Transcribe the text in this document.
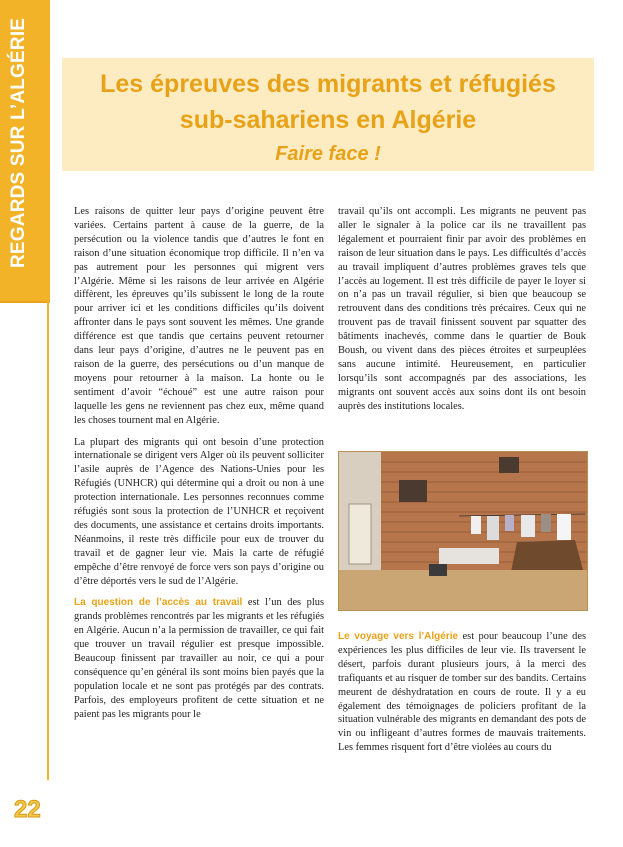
REGARDS SUR L’ALGÉRIE
22
Les épreuves des migrants et réfugiés
sub-sahariens en Algérie
Faire face !

Les raisons de quitter leur pays d’origine peuvent être variées. Certains partent à cause de la guerre, de la persécution ou la violence tandis que d’autres le font en raison d’une situation économique trop difficile. Il n’en va pas autrement pour les personnes qui migrent vers l’Algérie. Même si les raisons de leur arrivée en Algérie diffèrent, les épreuves qu’ils subissent le long de la route pour arriver ici et les conditions difficiles qu’ils doivent affronter dans le pays sont souvent les mêmes. Une grande différence est que tandis que certains peuvent retourner dans leur pays d’origine, d’autres ne le peuvent pas en raison de la guerre, des persécutions ou d’un manque de moyens pour retourner à la maison. La honte ou le sentiment d’avoir “échoué” est une autre raison pour laquelle les gens ne reviennent pas chez eux, même quand les choses tournent mal en Algérie.

La plupart des migrants qui ont besoin d’une protection internationale se dirigent vers Alger où ils peuvent solliciter l’asile auprès de l’Agence des Nations-Unies pour les Réfugiés (UNHCR) qui détermine qui a droit ou non à une protection internationale. Les personnes reconnues comme réfugiés sont sous la protection de l’UNHCR et reçoivent des documents, une assistance et certains droits importants. Néanmoins, il reste très difficile pour eux de trouver du travail et de gagner leur vie. Mais la carte de réfugié empêche d’être renvoyé de force vers son pays d’origine ou d’être déportés vers le sud de l’Algérie.

La question de l’accès au travail est l’un des plus grands problèmes rencontrés par les migrants et les réfugiés en Algérie. Aucun n’a la permission de travailler, ce qui fait que trouver un travail régulier est presque impossible. Beaucoup finissent par travailler au noir, ce qui a pour conséquence qu’en général ils sont moins bien payés que la population locale et ne sont pas protégés par des contrats. Parfois, des employeurs profitent de cette situation et ne paient pas les migrants pour le

travail qu’ils ont accompli. Les migrants ne peuvent pas aller le signaler à la police car ils ne travaillent pas légalement et pourraient finir par avoir des problèmes en raison de leur situation dans le pays. Les difficultés d’accès au travail impliquent d’autres problèmes graves tels que l’accès au logement. Il est très difficile de payer le loyer si on n’a pas un travail régulier, si bien que beaucoup se retrouvent dans des conditions très précaires. Ceux qui ne trouvent pas de travail finissent souvent par squatter des bâtiments inachevés, comme dans le quartier de Bouk Boush, ou vivent dans des pièces étroites et surpeuplées sans aucune intimité. Heureusement, en particulier lorsqu’ils sont accompagnés par des associations, les migrants ont souvent accès aux soins dont ils ont besoin auprès des institutions locales.

Le voyage vers l’Algérie est pour beaucoup l’une des expériences les plus difficiles de leur vie. Ils traversent le désert, parfois durant plusieurs jours, à la merci des trafiquants et au risquer de tomber sur des bandits. Certains meurent de déshydratation en cours de route. Il y a eu également des témoignages de policiers profitant de la situation vulnérable des migrants en demandant des pots de vin ou infligeant d’autres formes de mauvais traitements. Les femmes risquent fort d’être violées au cours du
